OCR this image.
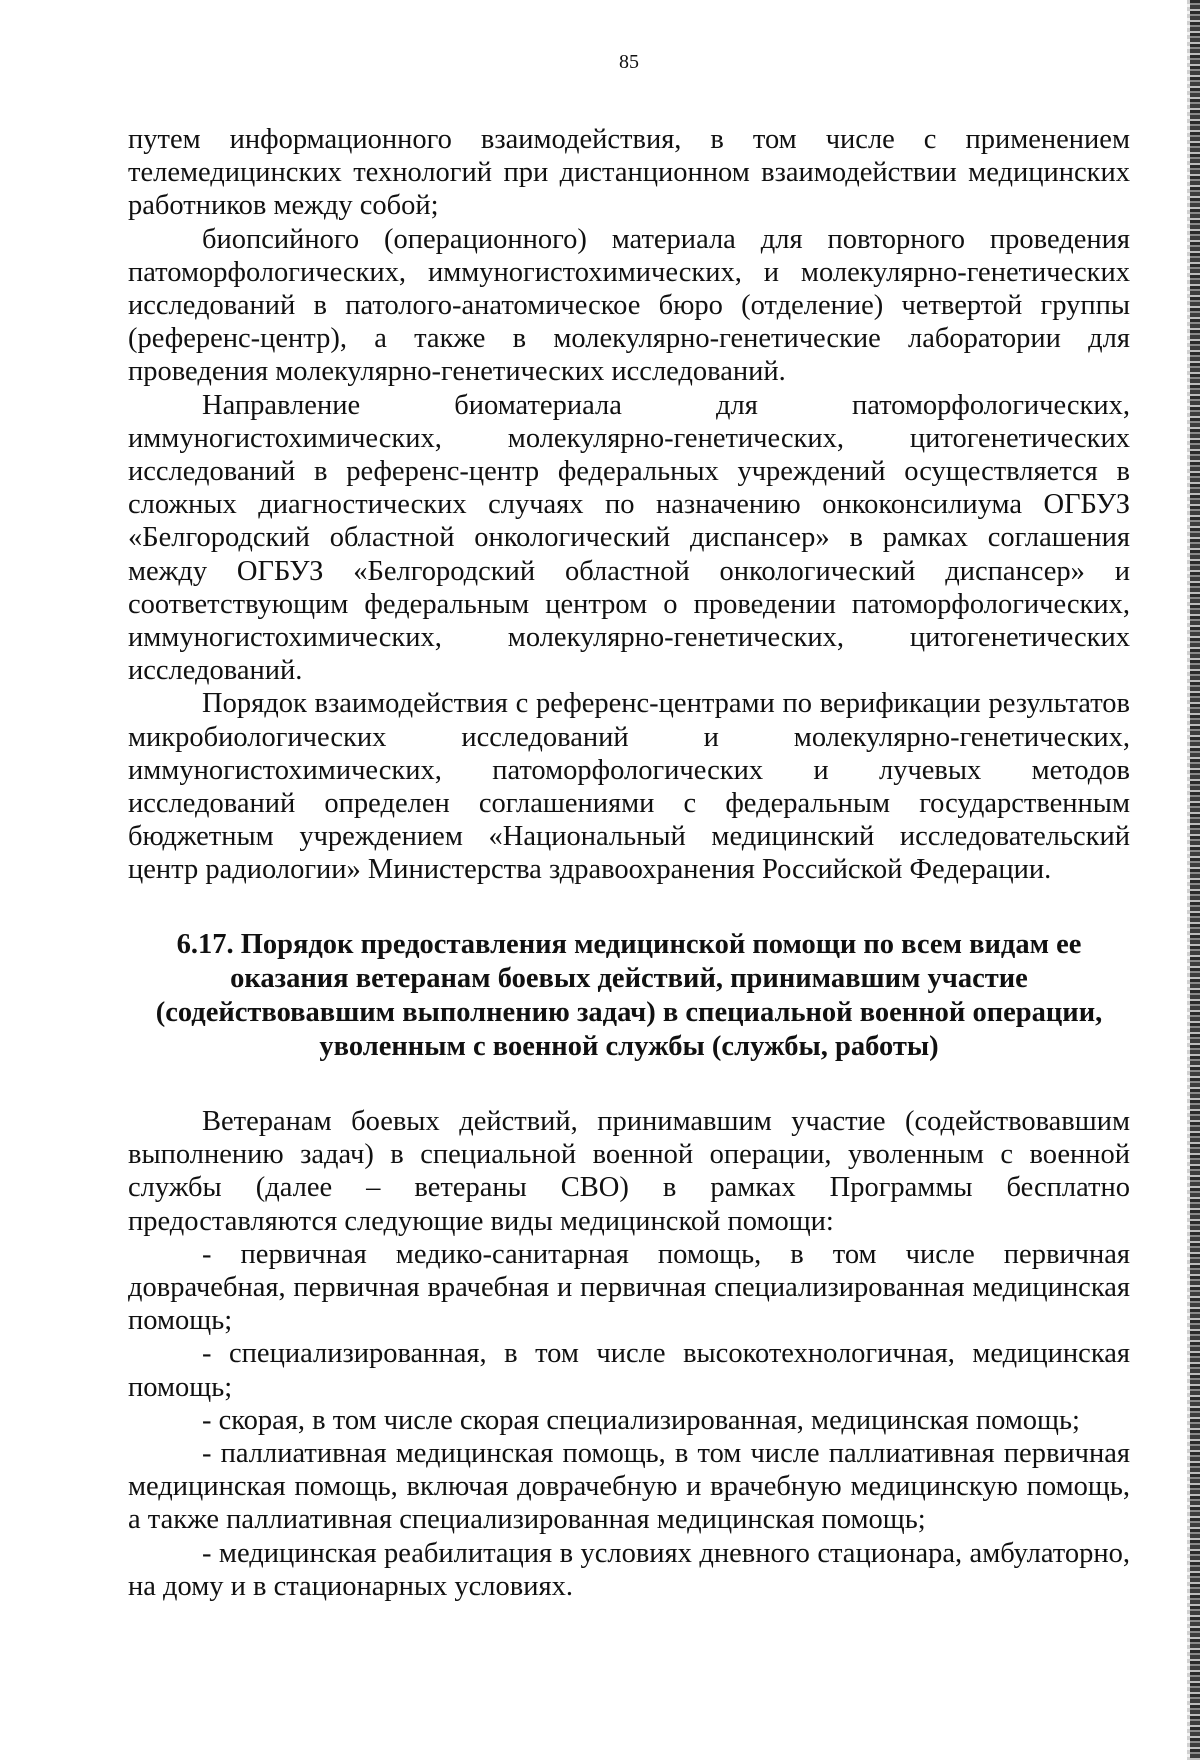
85

путем информационного взаимодействия, в том числе с применением телемедицинских технологий при дистанционном взаимодействии медицинских работников между собой;

биопсийного (операционного) материала для повторного проведения патоморфологических, иммуногистохимических, и молекулярно-генетических исследований в патолого-анатомическое бюро (отделение) четвертой группы (референс-центр), а также в молекулярно-генетические лаборатории для проведения молекулярно-генетических исследований.

Направление биоматериала для патоморфологических, иммуногистохимических, молекулярно-генетических, цитогенетических исследований в референс-центр федеральных учреждений осуществляется в сложных диагностических случаях по назначению онкоконсилиума ОГБУЗ «Белгородский областной онкологический диспансер» в рамках соглашения между ОГБУЗ «Белгородский областной онкологический диспансер» и соответствующим федеральным центром о проведении патоморфологических, иммуногистохимических, молекулярно-генетических, цитогенетических исследований.

Порядок взаимодействия с референс-центрами по верификации результатов микробиологических исследований и молекулярно-генетических, иммуногистохимических, патоморфологических и лучевых методов исследований определен соглашениями с федеральным государственным бюджетным учреждением «Национальный медицинский исследовательский центр радиологии» Министерства здравоохранения Российской Федерации.

6.17. Порядок предоставления медицинской помощи по всем видам ее оказания ветеранам боевых действий, принимавшим участие (содействовавшим выполнению задач) в специальной военной операции, уволенным с военной службы (службы, работы)

Ветеранам боевых действий, принимавшим участие (содействовавшим выполнению задач) в специальной военной операции, уволенным с военной службы (далее – ветераны СВО) в рамках Программы бесплатно предоставляются следующие виды медицинской помощи:

- первичная медико-санитарная помощь, в том числе первичная доврачебная, первичная врачебная и первичная специализированная медицинская помощь;

- специализированная, в том числе высокотехнологичная, медицинская помощь;

- скорая, в том числе скорая специализированная, медицинская помощь;

- паллиативная медицинская помощь, в том числе паллиативная первичная медицинская помощь, включая доврачебную и врачебную медицинскую помощь, а также паллиативная специализированная медицинская помощь;

- медицинская реабилитация в условиях дневного стационара, амбулаторно, на дому и в стационарных условиях.
